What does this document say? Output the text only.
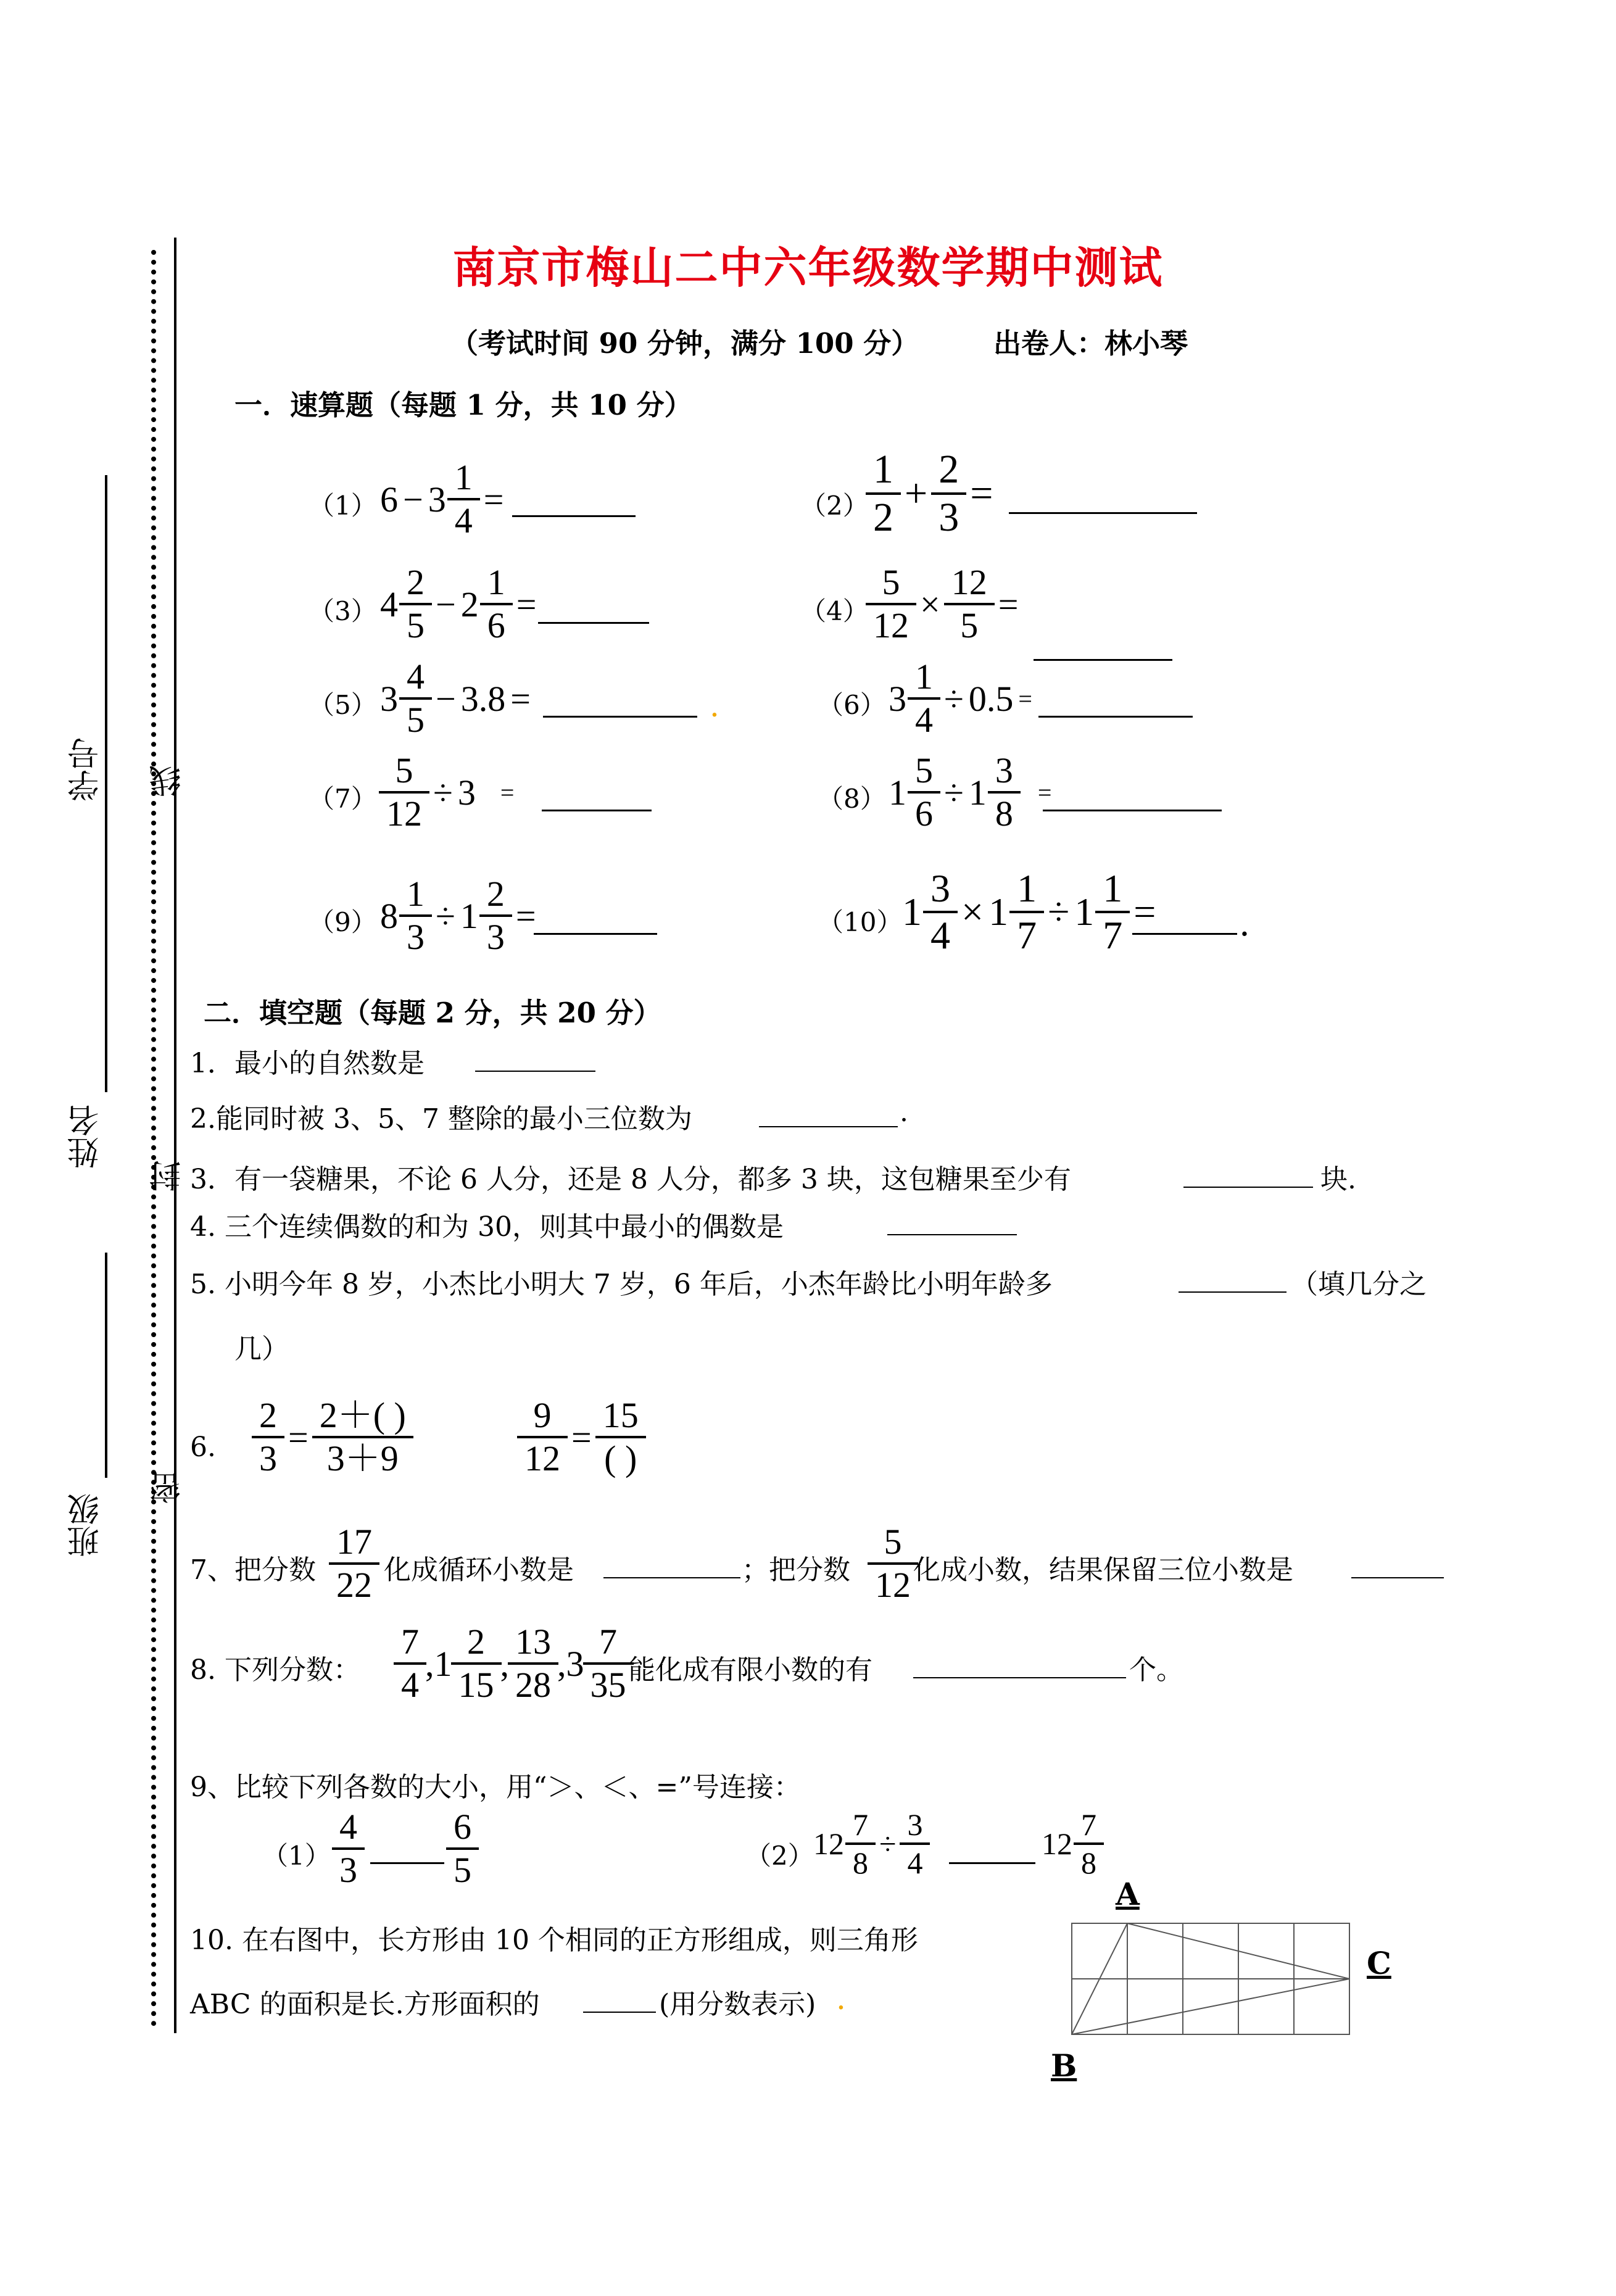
班级
姓名
学号
密
封
线
南京市梅山二中六年级数学期中测试
（考试时间 90 分钟，满分 100 分）	出卷人：林小琴
一．速算题（每题 1 分，共 10 分）
（1） $6 - 3 \frac{1}{4}$ =	$(2) \frac{1}{2} + \frac{2}{3}$ =
（3） $4 \frac{2}{5} - 2 \frac{1}{6}$ =	$(4) \frac{5}{12} \times \frac{12}{5}$ =
（5） $3 \frac{4}{5} - 3.8$ =	.	（6） $3 \frac{1}{4} \div 0.5$ =
$(7) \frac{5}{12} \div 3$ =	（8） $1 \frac{5}{6} \div 1 \frac{3}{8}$ =
（9） $8 \frac{1}{3} \div 1 \frac{2}{3}$ =	（10） $1 \frac{3}{4} \times 1 \frac{1}{7} \div 1 \frac{1}{7}$ = .
二．填空题（每题 2 分，共 20 分）
1．最小的自然数是
2.能同时被 3、5、7 整除的最小三位数为	.
3．有一袋糖果，不论 6 人分，还是 8 人分，都多 3 块，这包糖果至少有	块.
4. 三个连续偶数的和为 30，则其中最小的偶数是
5. 小明今年 8 岁，小杰比小明大 7 岁，6 年后，小杰年龄比小明年龄多	（填几分之
几）
6. $\frac{2}{3} = \frac{2+( )}{3+9}$	$\frac{9}{12} = \frac{15}{( )}$
7、把分数 $\frac{17}{22}$ 化成循环小数是	；把分数 $\frac{5}{12}$
化成小数，结果保留三位小数是
8. 下列分数： $\frac{7}{4}$ , $1 \frac{2}{15}$ , $\frac{13}{28}$ , $3 \frac{7}{35}$
能化成有限小数的有	个。
9、比较下列各数的大小，用“＞、＜、=”号连接：
$(1) \frac{4}{3} \frac{6}{5}$	（2） $12 \frac{7}{8} \div \frac{3}{4}$	$12 \frac{7}{8}$
10. 在右图中，长方形由 10 个相同的正方形组成，则三角形
ABC 的面积是长.方形面积的	(用分数表示) .
A
B
C
